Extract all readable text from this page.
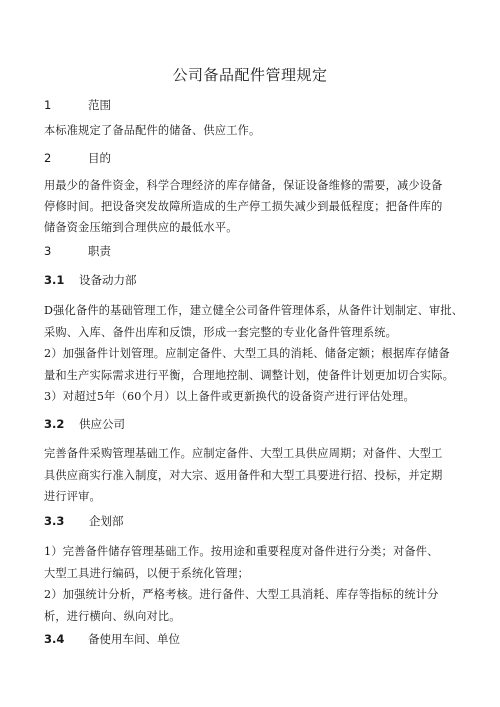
公司备品配件管理规定
1	范围
本标准规定了备品配件的储备、供应工作。
2	目的
用最少的备件资金，科学合理经济的库存储备，保证设备维修的需要，减少设备
停修时间。把设备突发故障所造成的生产停工损失减少到最低程度；把备件库的
储备资金压缩到合理供应的最低水平。
3	职责
3.1 设备动力部
D强化备件的基础管理工作，建立健全公司备件管理体系，从备件计划制定、审批、
采购、入库、备件出库和反馈，形成一套完整的专业化备件管理系统。
2）加强备件计划管理。应制定备件、大型工具的消耗、储备定额；根据库存储备
量和生产实际需求进行平衡，合理地控制、调整计划，使备件计划更加切合实际。
3）对超过5年（60个月）以上备件或更新换代的设备资产进行评估处理。
3.2 供应公司
完善备件采购管理基础工作。应制定备件、大型工具供应周期；对备件、大型工
具供应商实行准入制度，对大宗、返用备件和大型工具要进行招、投标，并定期
进行评审。
3.3 企划部
1）完善备件储存管理基础工作。按用途和重要程度对备件进行分类；对备件、
大型工具进行编码，以便于系统化管理；
2）加强统计分析，严格考核。进行备件、大型工具消耗、库存等指标的统计分
析，进行横向、纵向对比。
3.4 备使用车间、单位
